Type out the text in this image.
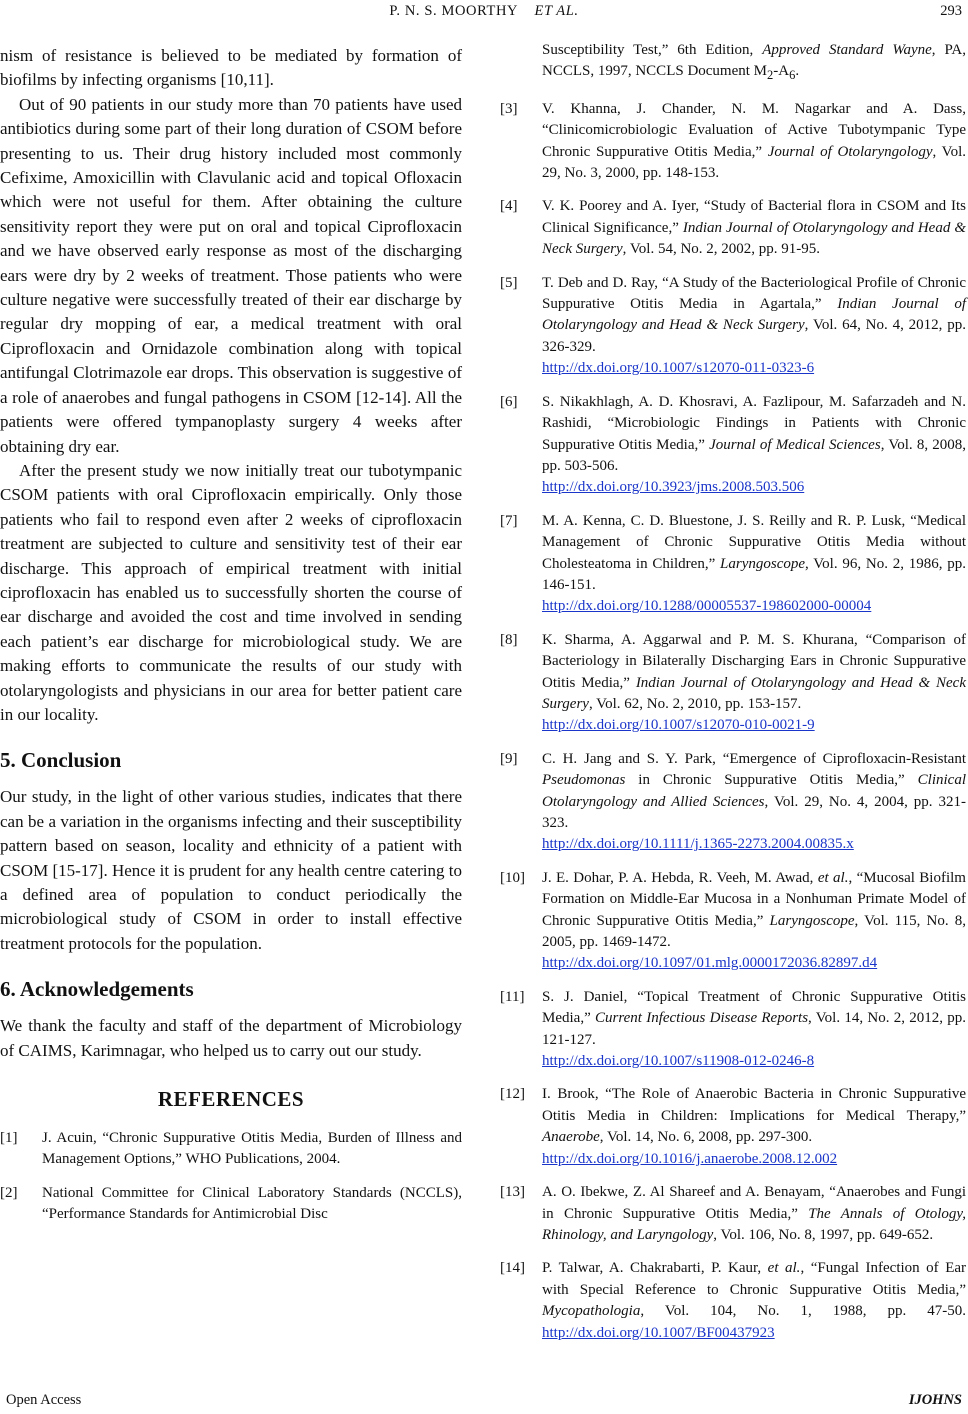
P. N. S. MOORTHY ET AL.	293

nism of resistance is believed to be mediated by formation of biofilms by infecting organisms [10,11].

Out of 90 patients in our study more than 70 patients have used antibiotics during some part of their long duration of CSOM before presenting to us. Their drug history included most commonly Cefixime, Amoxicillin with Clavulanic acid and topical Ofloxacin which were not useful for them. After obtaining the culture sensitivity report they were put on oral and topical Ciprofloxacin and we have observed early response as most of the discharging ears were dry by 2 weeks of treatment. Those patients who were culture negative were successfully treated of their ear discharge by regular dry mopping of ear, a medical treatment with oral Ciprofloxacin and Ornidazole combination along with topical antifungal Clotrimazole ear drops. This observation is suggestive of a role of anaerobes and fungal pathogens in CSOM [12-14]. All the patients were offered tympanoplasty surgery 4 weeks after obtaining dry ear.

After the present study we now initially treat our tubotympanic CSOM patients with oral Ciprofloxacin empirically. Only those patients who fail to respond even after 2 weeks of ciprofloxacin treatment are subjected to culture and sensitivity test of their ear discharge. This approach of empirical treatment with initial ciprofloxacin has enabled us to successfully shorten the course of ear discharge and avoided the cost and time involved in sending each patient’s ear discharge for microbiological study. We are making efforts to communicate the results of our study with otolaryngologists and physicians in our area for better patient care in our locality.

5. Conclusion

Our study, in the light of other various studies, indicates that there can be a variation in the organisms infecting and their susceptibility pattern based on season, locality and ethnicity of a patient with CSOM [15-17]. Hence it is prudent for any health centre catering to a defined area of population to conduct periodically the microbiological study of CSOM in order to install effective treatment protocols for the population.

6. Acknowledgements

We thank the faculty and staff of the department of Microbiology of CAIMS, Karimnagar, who helped us to carry out our study.

REFERENCES
[1] J. Acuin, “Chronic Suppurative Otitis Media, Burden of Illness and Management Options,” WHO Publications, 2004.
[2] National Committee for Clinical Laboratory Standards (NCCLS), “Performance Standards for Antimicrobial Disc
Susceptibility Test,” 6th Edition, Approved Standard Wayne, PA, NCCLS, 1997, NCCLS Document $M_2-A_6$.
[3] V. Khanna, J. Chander, N. M. Nagarkar and A. Dass, “Clinicomicrobiologic Evaluation of Active Tubotympanic Type Chronic Suppurative Otitis Media,” Journal of Otolaryngology, Vol. 29, No. 3, 2000, pp. 148-153.
[4] V. K. Poorey and A. Iyer, “Study of Bacterial flora in CSOM and Its Clinical Significance,” Indian Journal of Otolaryngology and Head & Neck Surgery, Vol. 54, No. 2, 2002, pp. 91-95.
[5] T. Deb and D. Ray, “A Study of the Bacteriological Profile of Chronic Suppurative Otitis Media in Agartala,” Indian Journal of Otolaryngology and Head & Neck Surgery, Vol. 64, No. 4, 2012, pp. 326-329.
http://dx.doi.org/10.1007/s12070-011-0323-6
[6] S. Nikakhlagh, A. D. Khosravi, A. Fazlipour, M. Safarzadeh and N. Rashidi, “Microbiologic Findings in Patients with Chronic Suppurative Otitis Media,” Journal of Medical Sciences, Vol. 8, 2008, pp. 503-506.
http://dx.doi.org/10.3923/jms.2008.503.506
[7] M. A. Kenna, C. D. Bluestone, J. S. Reilly and R. P. Lusk, “Medical Management of Chronic Suppurative Otitis Media without Cholesteatoma in Children,” Laryngoscope, Vol. 96, No. 2, 1986, pp. 146-151.
http://dx.doi.org/10.1288/00005537-198602000-00004
[8] K. Sharma, A. Aggarwal and P. M. S. Khurana, “Comparison of Bacteriology in Bilaterally Discharging Ears in Chronic Suppurative Otitis Media,” Indian Journal of Otolaryngology and Head & Neck Surgery, Vol. 62, No. 2, 2010, pp. 153-157.
http://dx.doi.org/10.1007/s12070-010-0021-9
[9] C. H. Jang and S. Y. Park, “Emergence of Ciprofloxacin-Resistant Pseudomonas in Chronic Suppurative Otitis Media,” Clinical Otolaryngology and Allied Sciences, Vol. 29, No. 4, 2004, pp. 321-323.
http://dx.doi.org/10.1111/j.1365-2273.2004.00835.x
[10] J. E. Dohar, P. A. Hebda, R. Veeh, M. Awad, et al., “Mucosal Biofilm Formation on Middle-Ear Mucosa in a Nonhuman Primate Model of Chronic Suppurative Otitis Media,” Laryngoscope, Vol. 115, No. 8, 2005, pp. 1469-1472.
http://dx.doi.org/10.1097/01.mlg.0000172036.82897.d4
[11] S. J. Daniel, “Topical Treatment of Chronic Suppurative Otitis Media,” Current Infectious Disease Reports, Vol. 14, No. 2, 2012, pp. 121-127.
http://dx.doi.org/10.1007/s11908-012-0246-8
[12] I. Brook, “The Role of Anaerobic Bacteria in Chronic Suppurative Otitis Media in Children: Implications for Medical Therapy,” Anaerobe, Vol. 14, No. 6, 2008, pp. 297-300.
http://dx.doi.org/10.1016/j.anaerobe.2008.12.002
[13] A. O. Ibekwe, Z. Al Shareef and A. Benayam, “Anaerobes and Fungi in Chronic Suppurative Otitis Media,” The Annals of Otology, Rhinology, and Laryngology, Vol. 106, No. 8, 1997, pp. 649-652.
[14] P. Talwar, A. Chakrabarti, P. Kaur, et al., “Fungal Infection of Ear with Special Reference to Chronic Suppurative Otitis Media,” Mycopathologia, Vol. 104, No. 1, 1988, pp. 47-50. http://dx.doi.org/10.1007/BF00437923
Open Access	IJOHNS
